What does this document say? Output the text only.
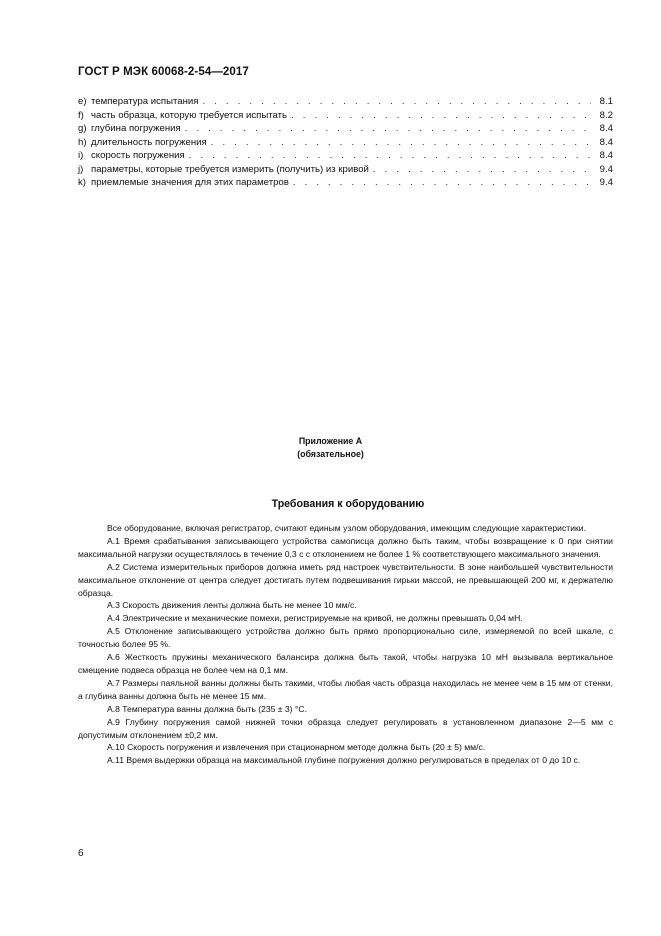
ГОСТ Р МЭК 60068-2-54—2017
e) температура испытания . . .	8.1
f) часть образца, которую требуется испытать . . .	8.2
g) глубина погружения . . .	8.4
h) длительность погружения . . .	8.4
i) скорость погружения . . .	8.4
j) параметры, которые требуется измерить (получить) из кривой . . .	9.4
k) приемлемые значения для этих параметров . . .	9.4
Приложение А
(обязательное)
Требования к оборудованию

Все оборудование, включая регистратор, считают единым узлом оборудования, имеющим следующие характеристики.

А.1 Время срабатывания записывающего устройства самописца должно быть таким, чтобы возвращение к 0 при снятии максимальной нагрузки осуществлялось в течение 0,3 с с отклонением не более 1 % соответствующего максимального значения.

А.2 Система измерительных приборов должна иметь ряд настроек чувствительности. В зоне наибольшей чувствительности максимальное отклонение от центра следует достигать путем подвешивания гирьки массой, не превышающей 200 мг, к держателю образца.

А.3 Скорость движения ленты должна быть не менее 10 мм/с.

А.4 Электрические и механические помехи, регистрируемые на кривой, не должны превышать 0,04 мН.

А.5 Отклонение записывающего устройства должно быть прямо пропорционально силе, измеряемой по всей шкале, с точностью более 95 %.

А.6 Жесткость пружины механического балансира должна быть такой, чтобы нагрузка 10 мН вызывала вертикальное смещение подвеса образца не более чем на 0,1 мм.

А.7 Размеры паяльной ванны должны быть такими, чтобы любая часть образца находилась не менее чем в 15 мм от стенки, а глубина ванны должна быть не менее 15 мм.

А.8 Температура ванны должна быть (235 ± 3) °С.

А.9 Глубину погружения самой нижней точки образца следует регулировать в установленном диапазоне 2—5 мм с допустимым отклонением ±0,2 мм.

А.10 Скорость погружения и извлечения при стационарном методе должна быть (20 ± 5) мм/с.

А.11 Время выдержки образца на максимальной глубине погружения должно регулироваться в пределах от 0 до 10 с.

6
